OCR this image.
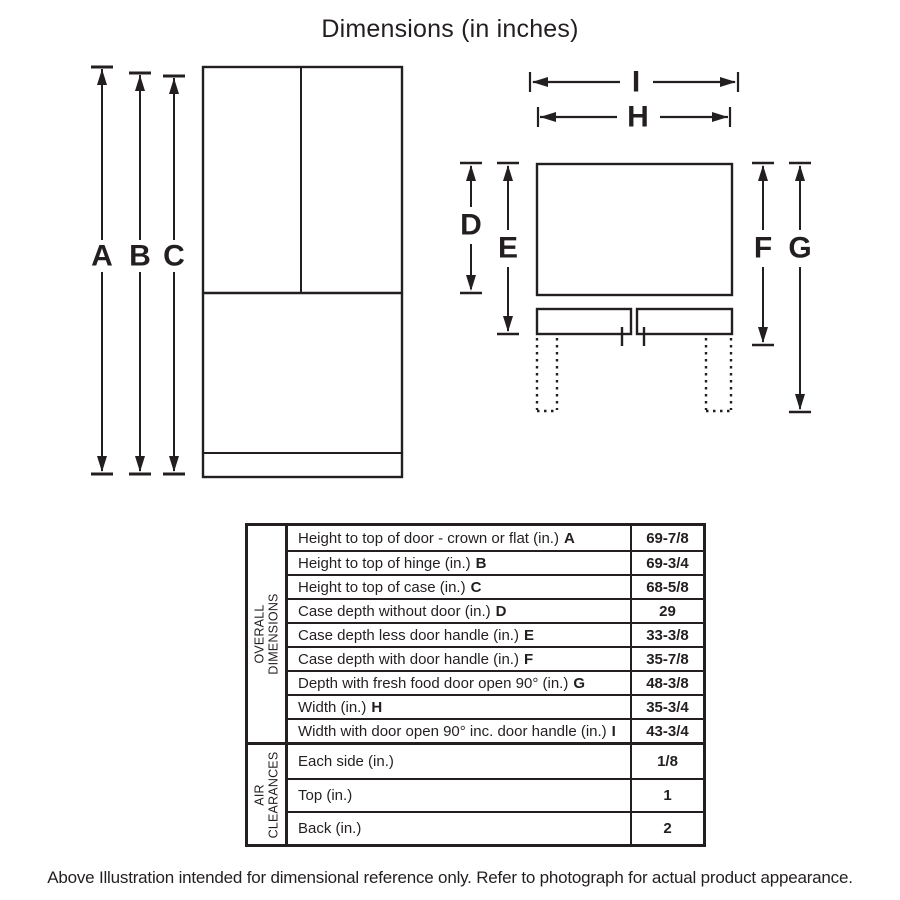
Dimensions (in inches)
A B C
I
H
D
E	F G
OVERALL DIMENSIONS
Height to top of door - crown or flat (in.) A	69-7/8
Height to top of hinge (in.) B	69-3/4
Height to top of case (in.) C	68-5/8
Case depth without door (in.) D	29
Case depth less door handle (in.) E	33-3/8
Case depth with door handle (in.) F	35-7/8
Depth with fresh food door open 90° (in.) G	48-3/8
Width (in.) H	35-3/4
Width with door open 90° inc. door handle (in.) I	43-3/4
AIR CLEARANCES Each side (in.)	1/8
Top (in.)	1
Back (in.)	2
Above Illustration intended for dimensional reference only. Refer to photograph for actual product appearance.
